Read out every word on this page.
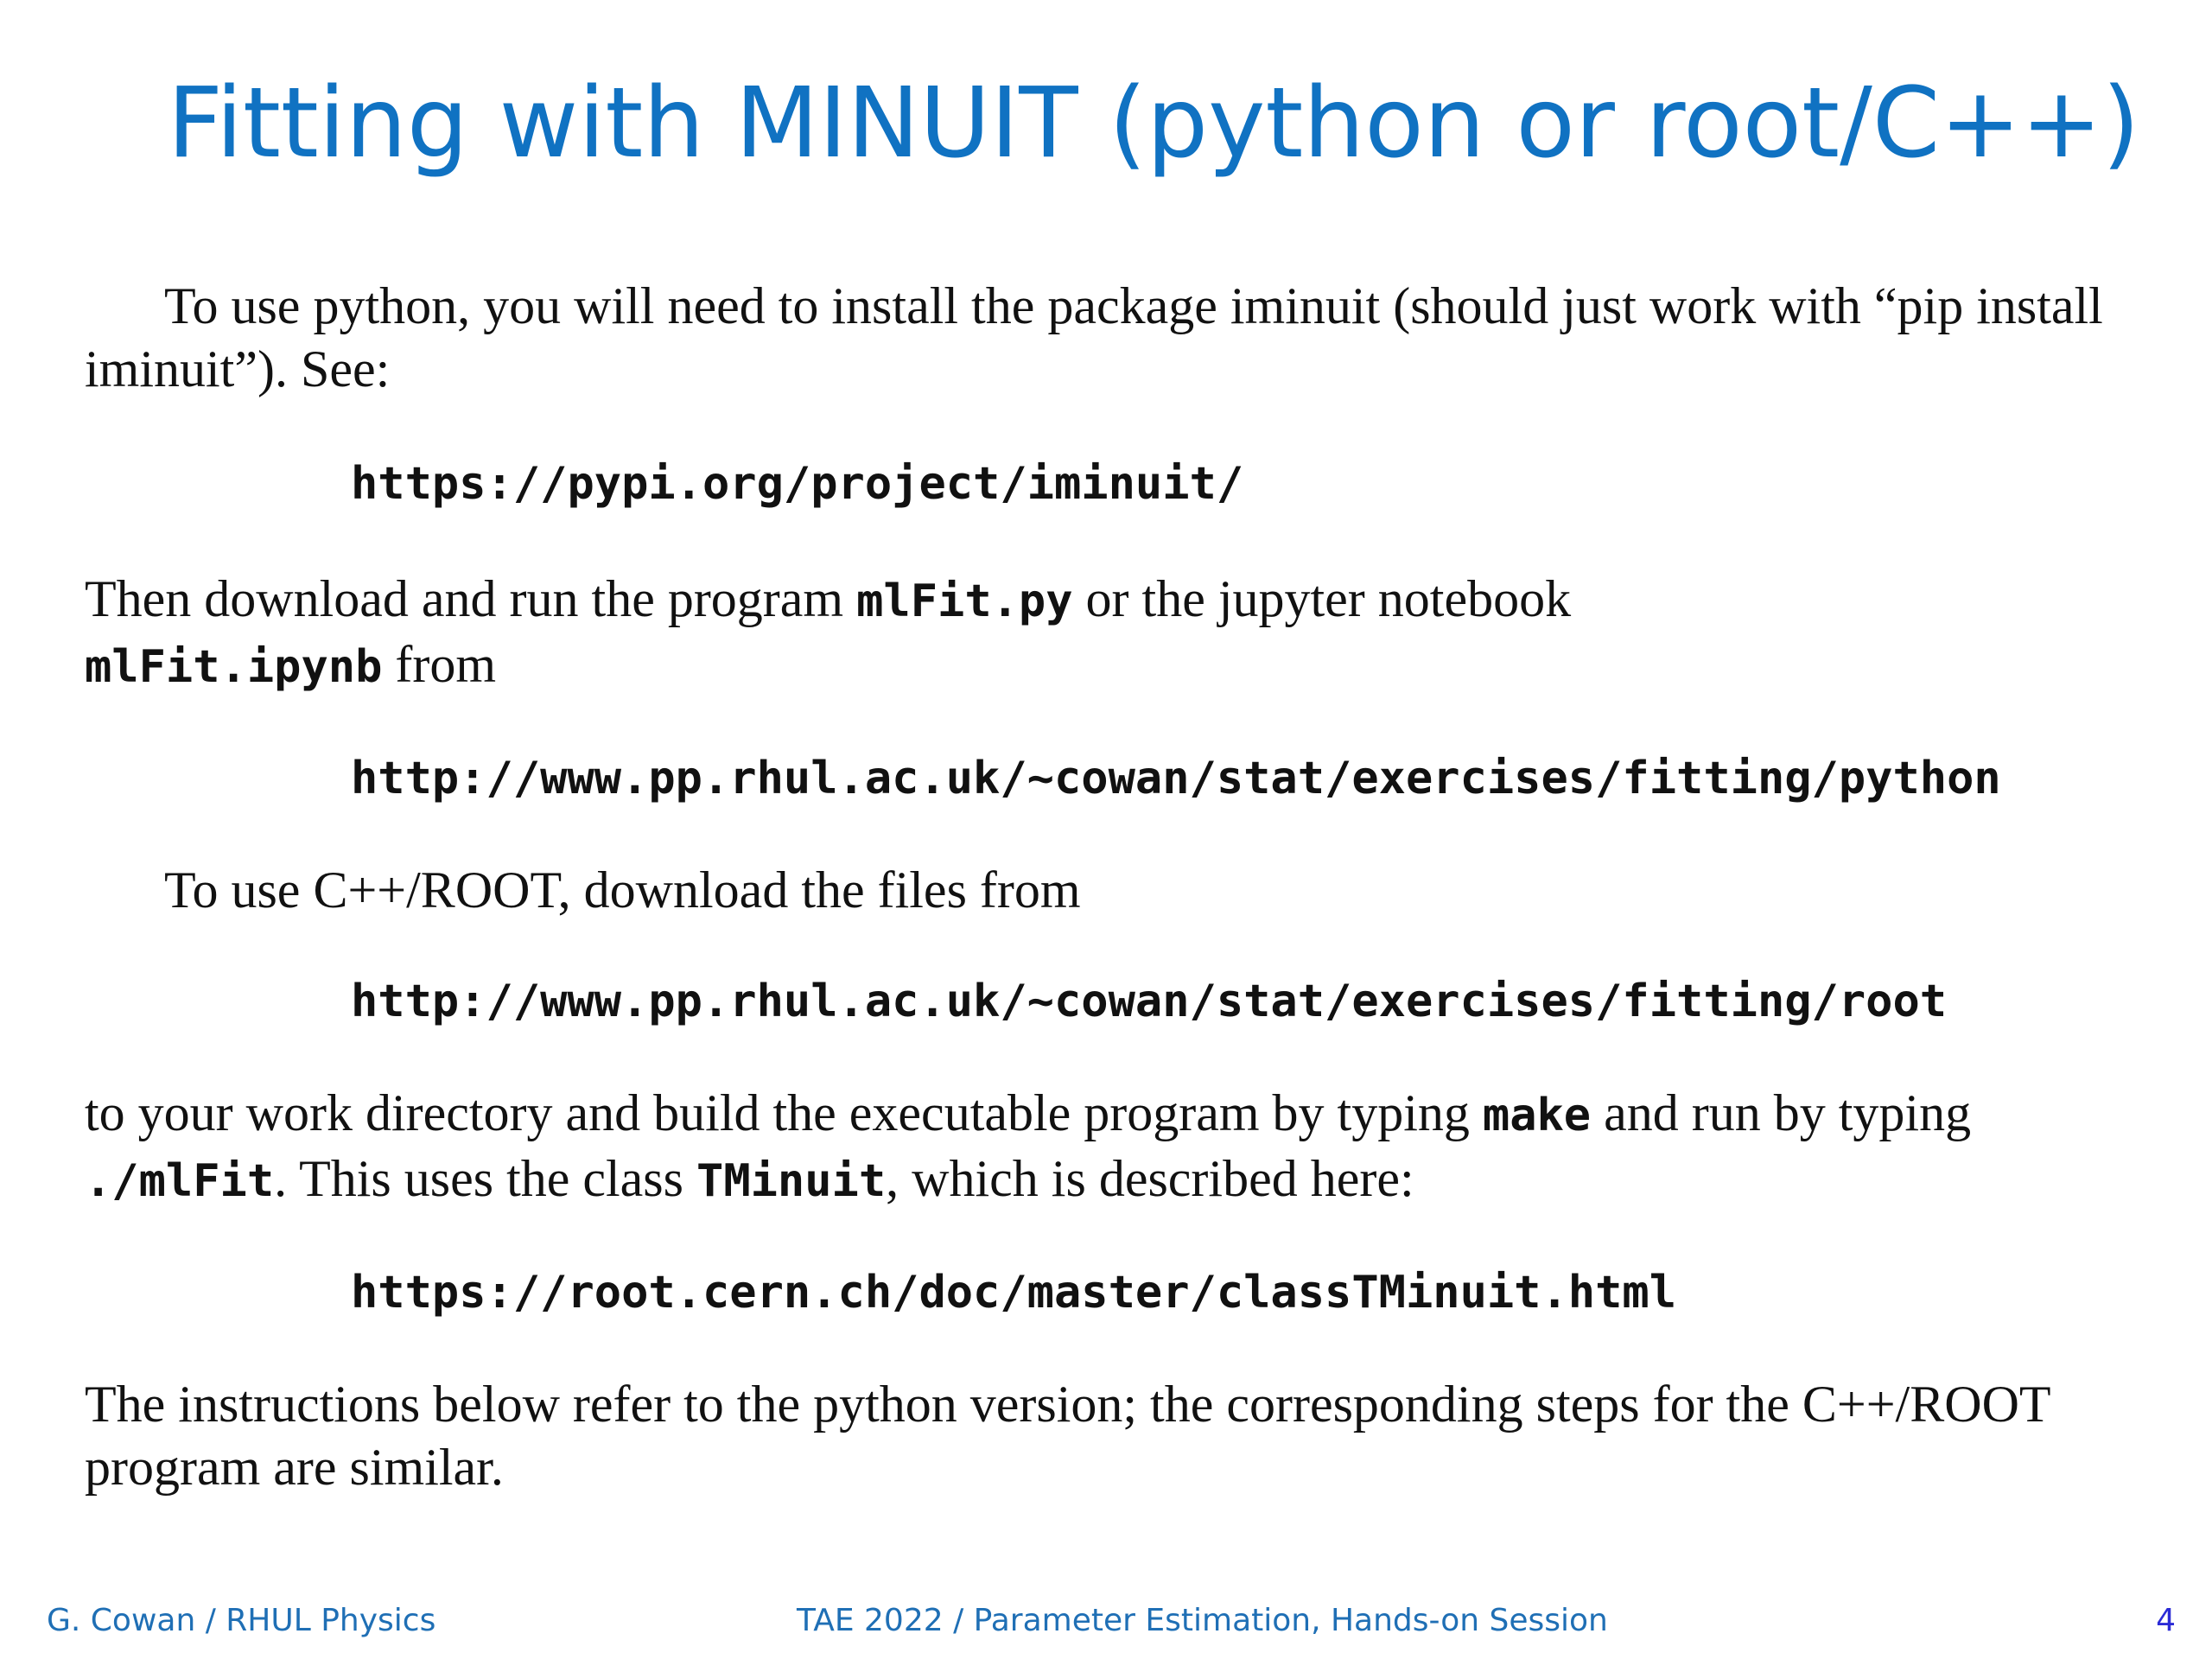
Fitting with MINUIT (python or root/C++)

To use python, you will need to install the package iminuit (should just work with “pip install iminuit”). See:

https://pypi.org/project/iminuit/

Then download and run the program mlFit.py or the jupyter notebook
mlFit.ipynb from

http://www.pp.rhul.ac.uk/~cowan/stat/exercises/fitting/python

To use C++/ROOT, download the files from

http://www.pp.rhul.ac.uk/~cowan/stat/exercises/fitting/root

to your work directory and build the executable program by typing make and run by typing ./mlFit. This uses the class TMinuit, which is described here:

https://root.cern.ch/doc/master/classTMinuit.html

The instructions below refer to the python version; the corresponding steps for the C++/ROOT program are similar.

G. Cowan / RHUL Physics	TAE 2022 / Parameter Estimation, Hands-on Session	4
